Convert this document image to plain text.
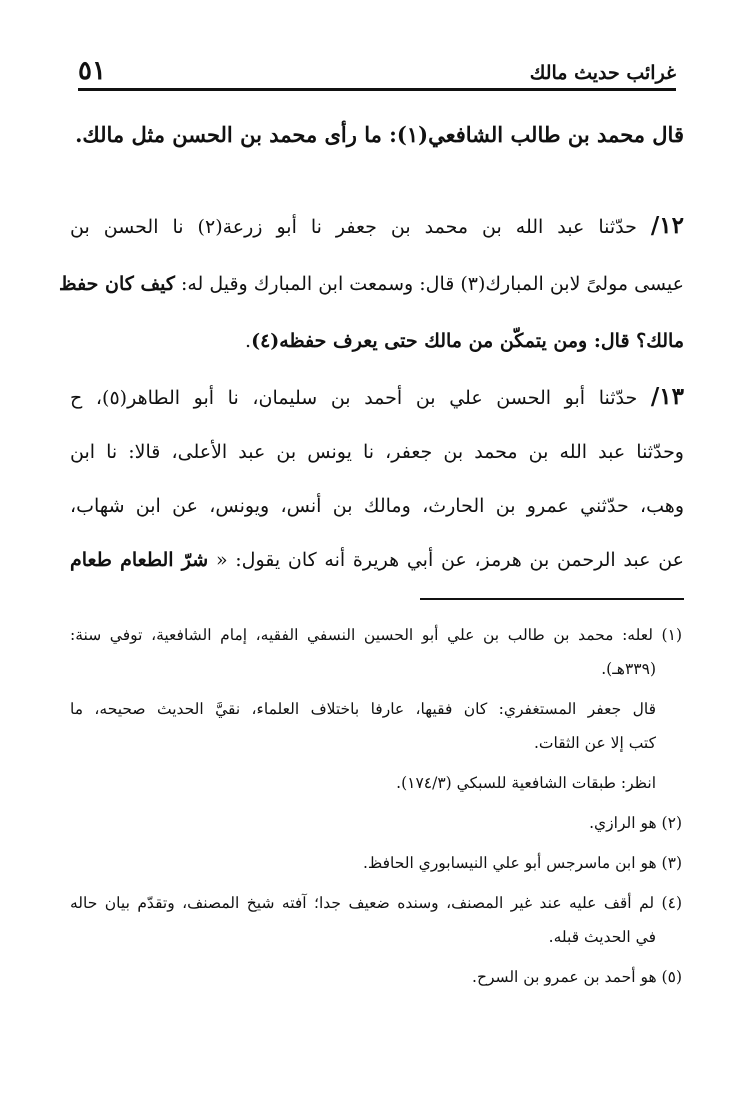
غرائب حديث مالك
٥١
قال محمد بن طالب الشافعي(١): ما رأى محمد بن الحسن مثل مالك.

١٢/ حدّثنا عبد الله بن محمد بن جعفر نا أبو زرعة(٢) نا الحسن بن

عيسى مولىً لابن المبارك(٣) قال: وسمعت ابن المبارك وقيل له: كيف كان حفظ

مالك؟ قال: ومن يتمكّن من مالك حتى يعرف حفظه(٤).

١٣/ حدّثنا أبو الحسن علي بن أحمد بن سليمان، نا أبو الطاهر(٥)، ح

وحدّثنا عبد الله بن محمد بن جعفر، نا يونس بن عبد الأعلى، قالا: نا ابن

وهب، حدّثني عمرو بن الحارث، ومالك بن أنس، ويونس، عن ابن شهاب،

عن عبد الرحمن بن هرمز، عن أبي هريرة أنه كان يقول: « شرّ الطعام طعام

(١) لعله: محمد بن طالب بن علي أبو الحسين النسفي الفقيه، إمام الشافعية، توفي سنة:
(٣٣٩هـ).
قال جعفر المستغفري: كان فقيها، عارفا باختلاف العلماء، نقيَّ الحديث صحيحه، ما
كتب إلا عن الثقات.
انظر: طبقات الشافعية للسبكي (١٧٤/٣).
(٢) هو الرازي.
(٣) هو ابن ماسرجس أبو علي النيسابوري الحافظ.
(٤) لم أقف عليه عند غير المصنف، وسنده ضعيف جدا؛ آفته شيخ المصنف، وتقدّم بيان حاله
في الحديث قبله.
(٥) هو أحمد بن عمرو بن السرح.
